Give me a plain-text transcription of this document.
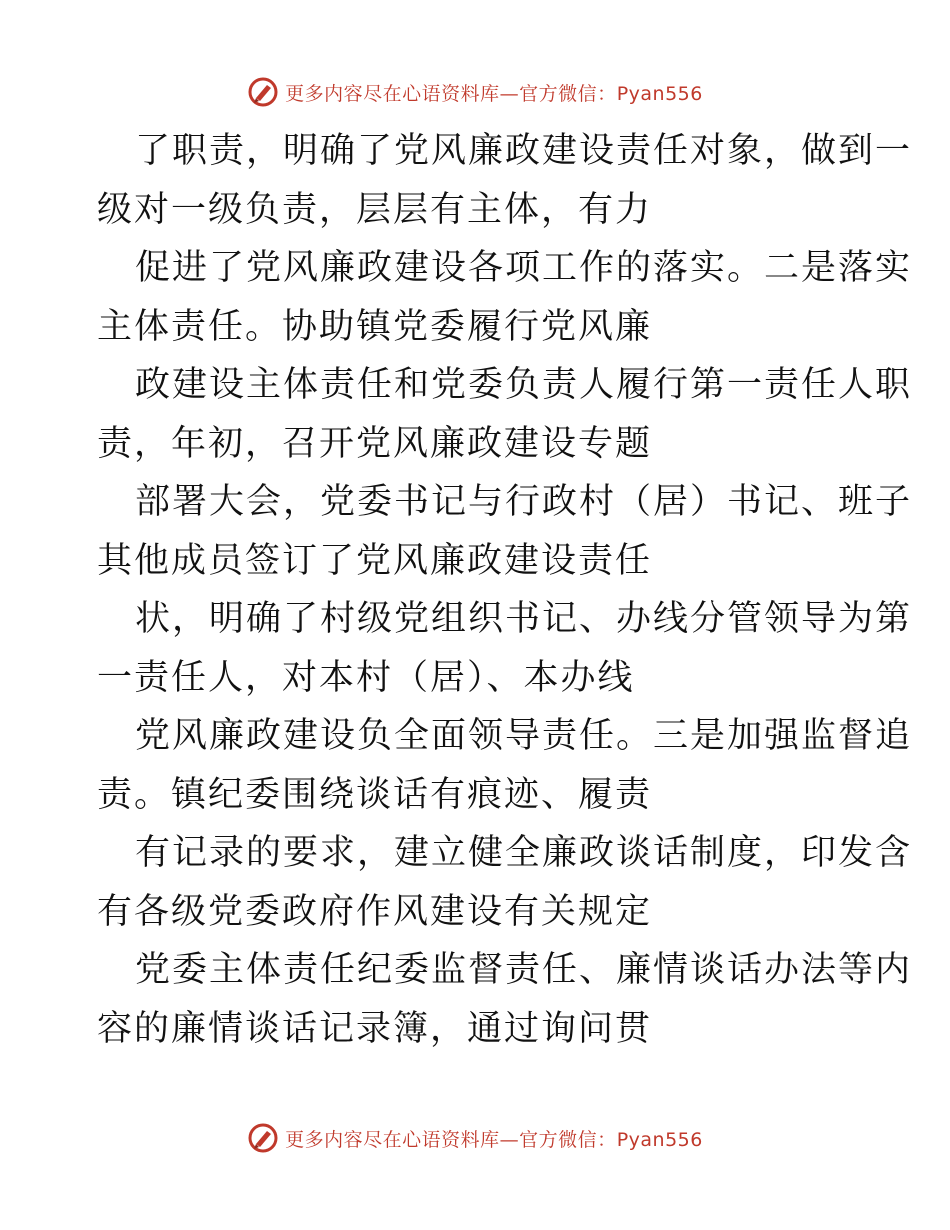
更多内容尽在心语资料库—官方微信：Pyan556
了职责，明确了党风廉政建设责任对象，做到一
级对一级负责，层层有主体，有力
促进了党风廉政建设各项工作的落实。二是落实
主体责任。协助镇党委履行党风廉
政建设主体责任和党委负责人履行第一责任人职
责，年初，召开党风廉政建设专题
部署大会，党委书记与行政村（居）书记、班子
其他成员签订了党风廉政建设责任
状，明确了村级党组织书记、办线分管领导为第
一责任人，对本村（居）、本办线
党风廉政建设负全面领导责任。三是加强监督追
责。镇纪委围绕谈话有痕迹、履责
有记录的要求，建立健全廉政谈话制度，印发含
有各级党委政府作风建设有关规定
党委主体责任纪委监督责任、廉情谈话办法等内
容的廉情谈话记录簿，通过询问贯
更多内容尽在心语资料库—官方微信：Pyan556
